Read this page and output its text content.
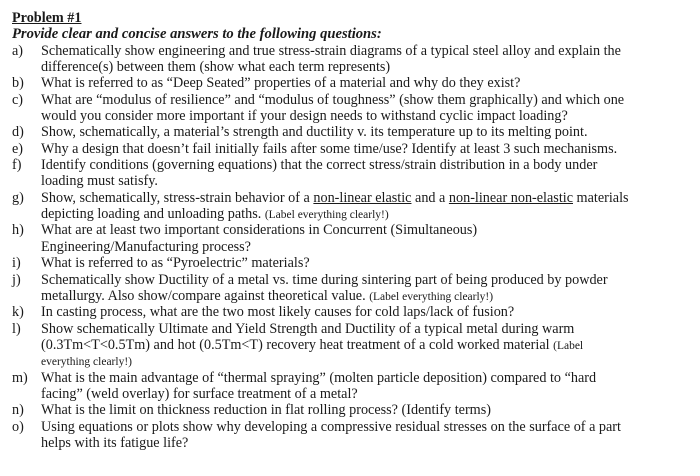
Problem #1
Provide clear and concise answers to the following questions:
a) Schematically show engineering and true stress-strain diagrams of a typical steel alloy and explain the
difference(s) between them (show what each term represents)
b) What is referred to as “Deep Seated” properties of a material and why do they exist?
c) What are “modulus of resilience” and “modulus of toughness” (show them graphically) and which one
would you consider more important if your design needs to withstand cyclic impact loading?
d) Show, schematically, a material’s strength and ductility v. its temperature up to its melting point.
e) Why a design that doesn’t fail initially fails after some time/use? Identify at least 3 such mechanisms.
f) Identify conditions (governing equations) that the correct stress/strain distribution in a body under
loading must satisfy.
g) Show, schematically, stress-strain behavior of a non-linear elastic and a non-linear non-elastic materials
depicting loading and unloading paths. (Label everything clearly!)
h) What are at least two important considerations in Concurrent (Simultaneous)
Engineering/Manufacturing process?
i) What is referred to as “Pyroelectric” materials?
j) Schematically show Ductility of a metal vs. time during sintering part of being produced by powder
metallurgy. Also show/compare against theoretical value. (Label everything clearly!)
k) In casting process, what are the two most likely causes for cold laps/lack of fusion?
l) Show schematically Ultimate and Yield Strength and Ductility of a typical metal during warm
(0.3Tm<T<0.5Tm) and hot (0.5Tm<T) recovery heat treatment of a cold worked material (Label
everything clearly!)
m) What is the main advantage of “thermal spraying” (molten particle deposition) compared to “hard
facing” (weld overlay) for surface treatment of a metal?
n) What is the limit on thickness reduction in flat rolling process? (Identify terms)
o) Using equations or plots show why developing a compressive residual stresses on the surface of a part
helps with its fatigue life?
